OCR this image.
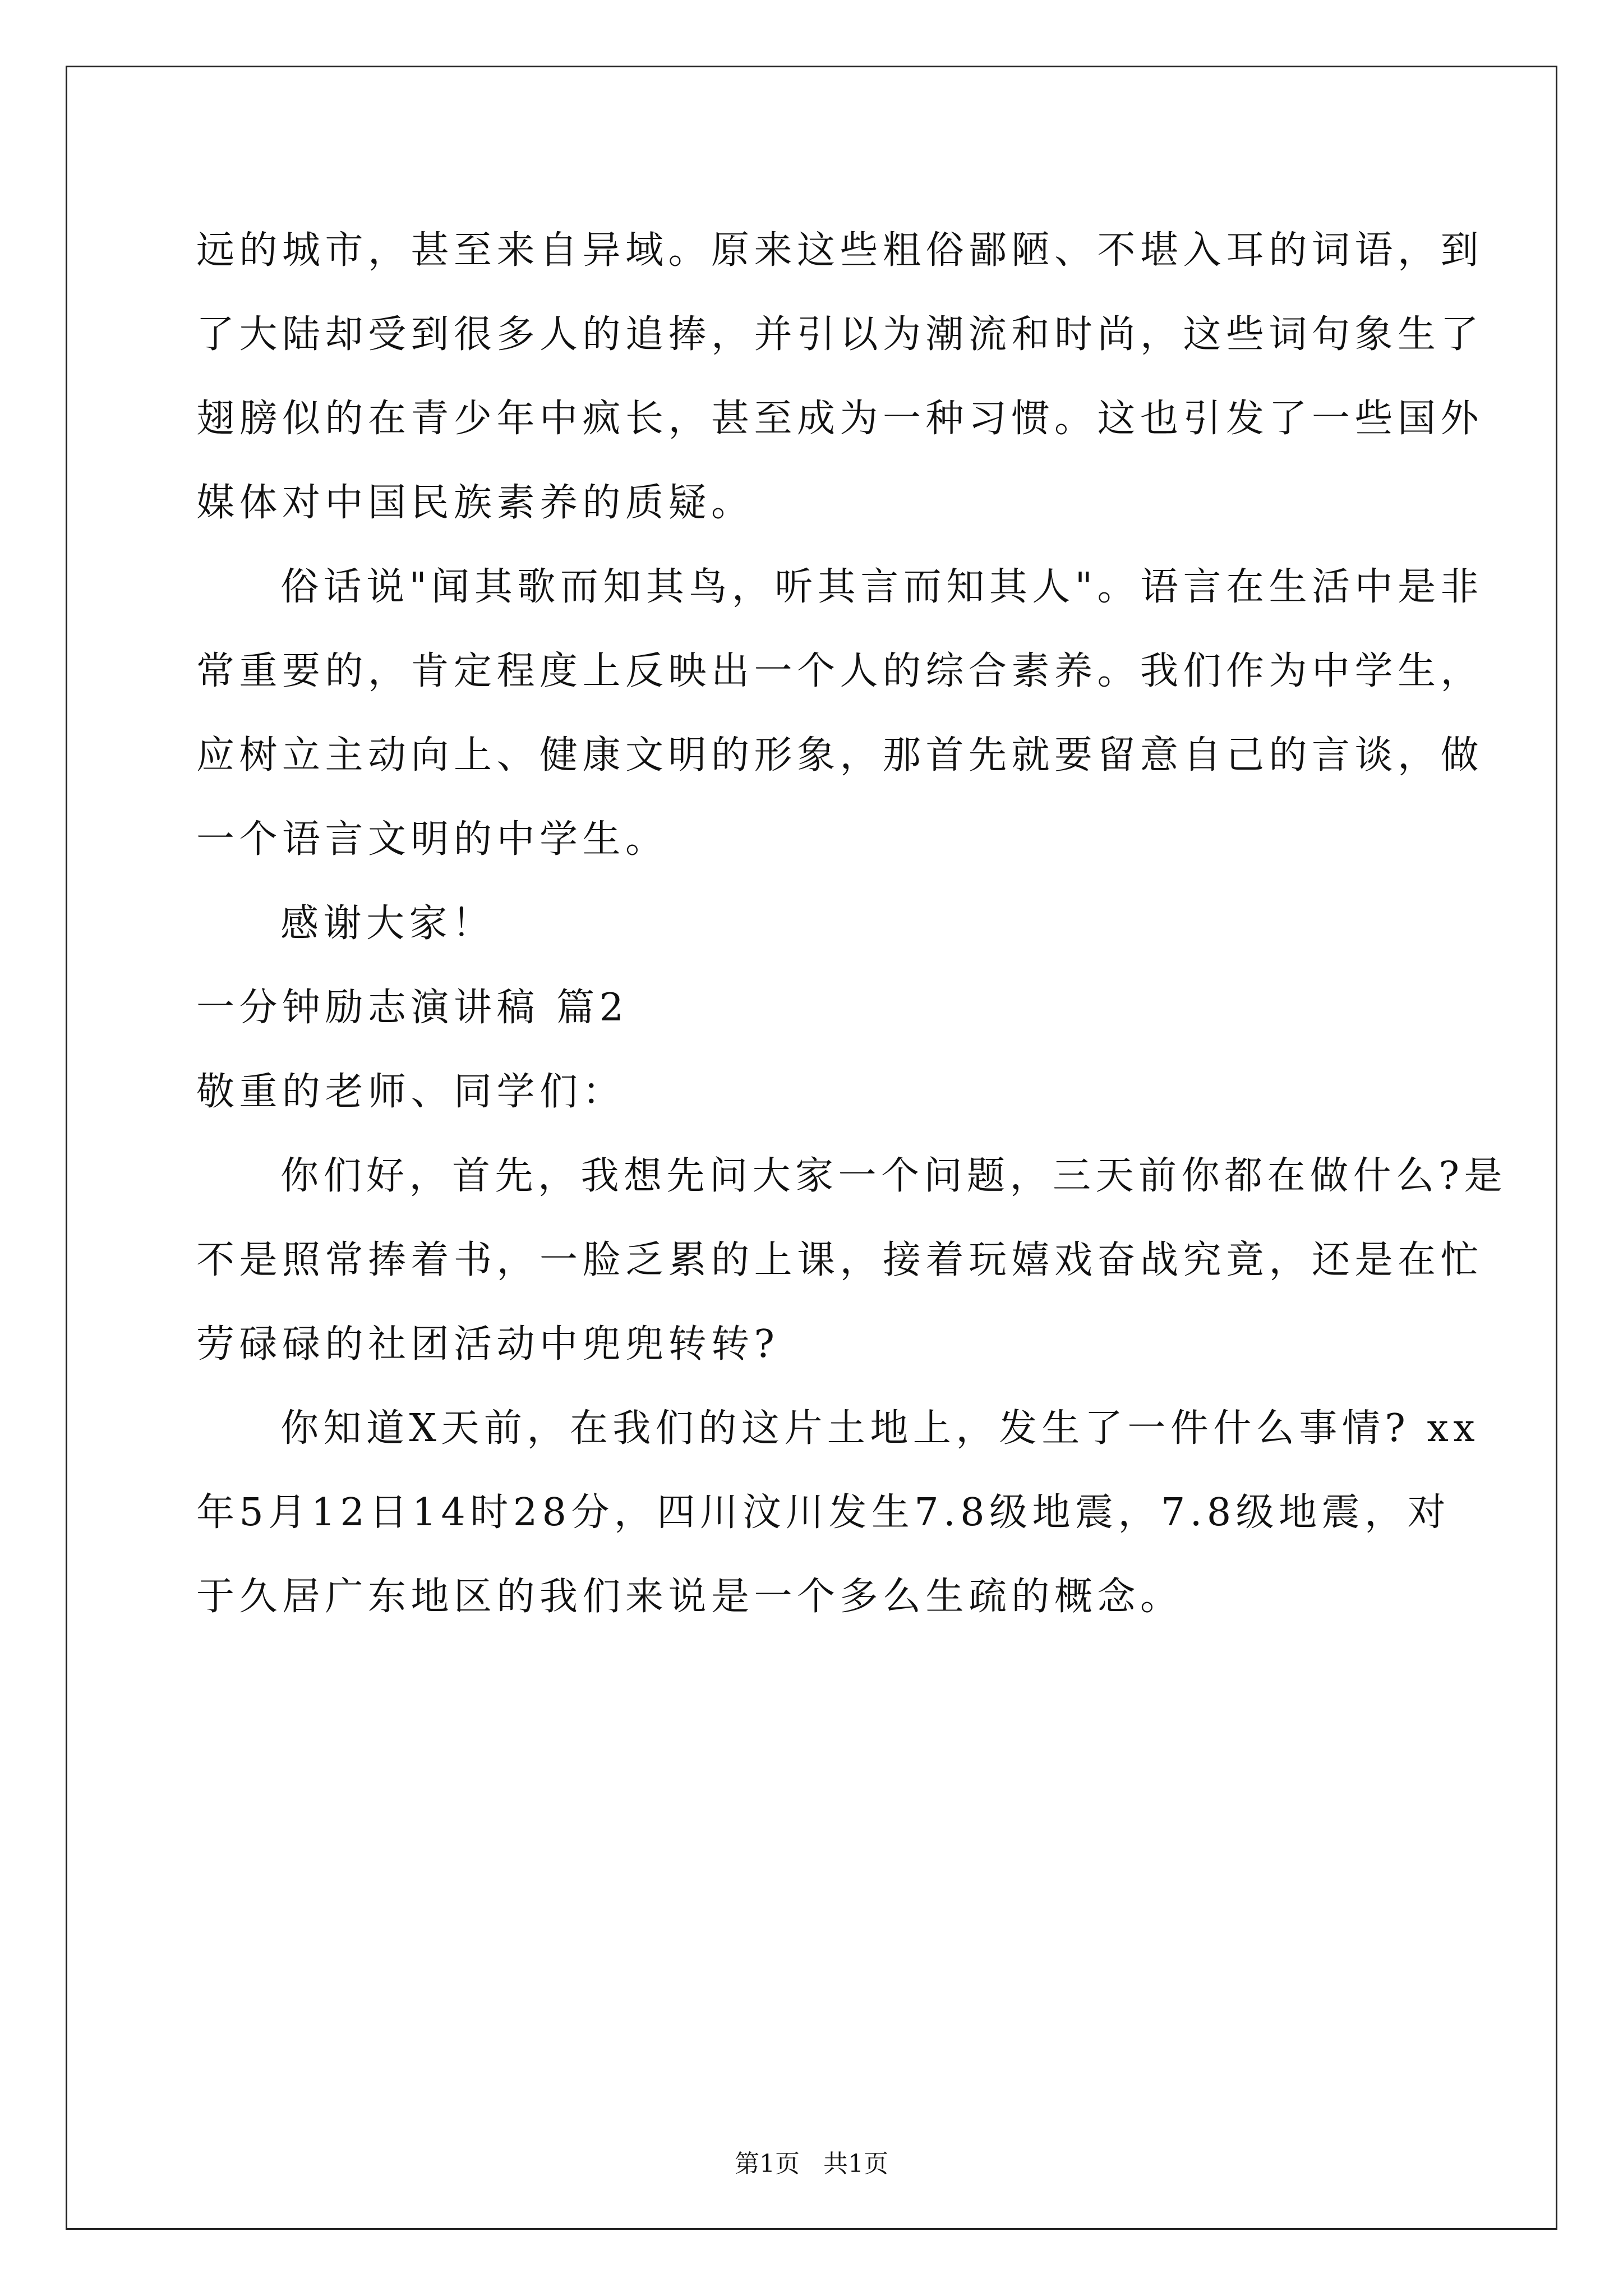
远的城市，甚至来自异域。原来这些粗俗鄙陋、不堪入耳的词语，到
了大陆却受到很多人的追捧，并引以为潮流和时尚，这些词句象生了
翅膀似的在青少年中疯长，甚至成为一种习惯。这也引发了一些国外
媒体对中国民族素养的质疑。
俗话说"闻其歌而知其鸟，听其言而知其人"。语言在生活中是非
常重要的，肯定程度上反映出一个人的综合素养。我们作为中学生，
应树立主动向上、健康文明的形象，那首先就要留意自己的言谈，做
一个语言文明的中学生。
感谢大家！
一分钟励志演讲稿 篇2
敬重的老师、同学们：
你们好，首先，我想先问大家一个问题，三天前你都在做什么?是
不是照常捧着书，一脸乏累的上课，接着玩嬉戏奋战究竟，还是在忙
劳碌碌的社团活动中兜兜转转?
你知道X天前，在我们的这片土地上，发生了一件什么事情? xx
年5月12日14时28分，四川汶川发生7.8级地震，7.8级地震，对
于久居广东地区的我们来说是一个多么生疏的概念。
第1页   共1页
